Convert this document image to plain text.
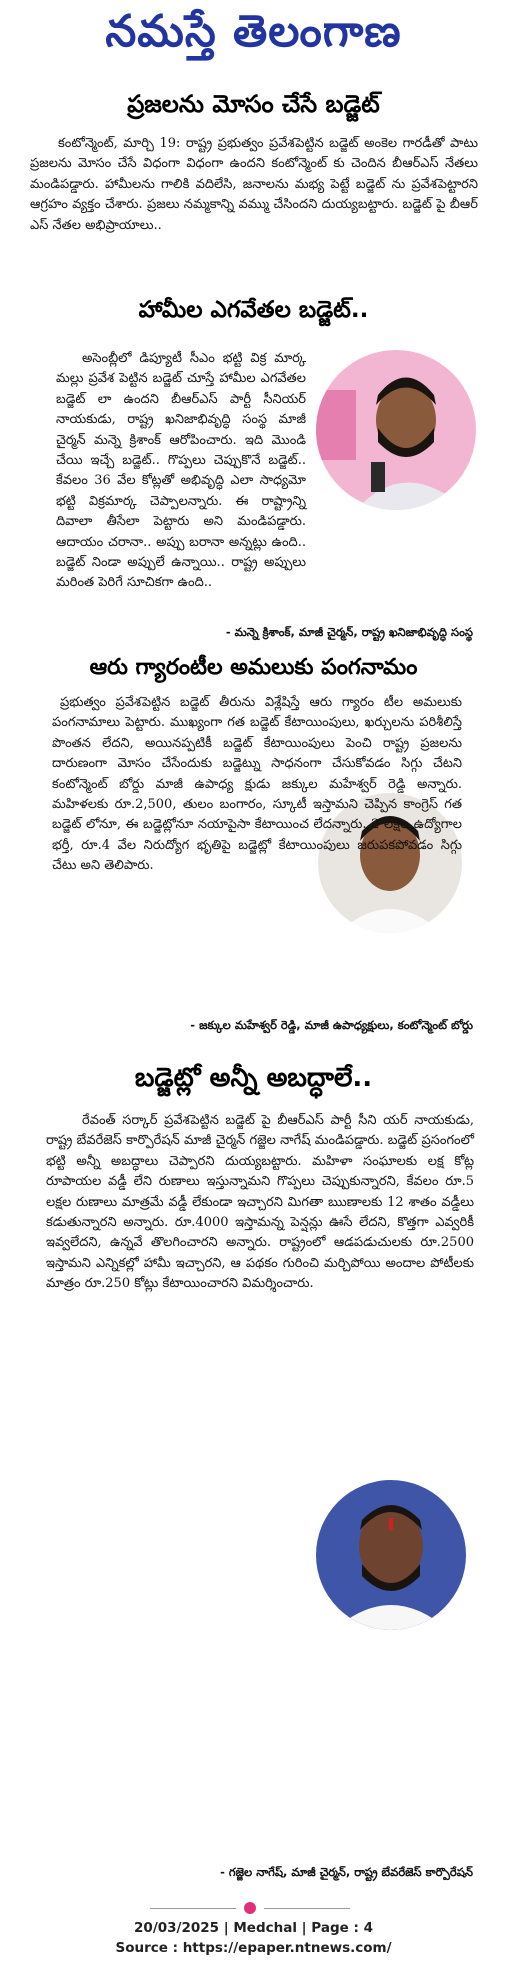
నమస్తే తెలంగాణ
ప్రజలను మోసం చేసే బడ్జెట్

కంటోన్మెంట్, మార్చి 19: రాష్ట్ర ప్రభుత్వం ప్రవేశపెట్టిన బడ్జెట్ అంకెల గారడీతో పాటు ప్రజలను మోసం చేసే విధంగా విధంగా ఉందని కంటోన్మెంట్ కు చెందిన బీఆర్ఎస్ నేతలు మండిపడ్డారు. హామీలను గాలికి వదిలేసి, జనాలను మభ్య పెట్టే బడ్జెట్ ను ప్రవేశపెట్టారని ఆగ్రహం వ్యక్తం చేశారు. ప్రజలు నమ్మకాన్ని వమ్ము చేసిందని దుయ్యబట్టారు. బడ్జెట్ పై బీఆర్ ఎస్ నేతల అభిప్రాయాలు..

హామీల ఎగవేతల బడ్జెట్..

అసెంబ్లీలో డిప్యూటీ సీఎం భట్టి విక్ర మార్క మల్లు ప్రవేశ పెట్టిన బడ్జెట్ చూస్తే హామీల ఎగవేతల బడ్జెట్ లా ఉందని బీఆర్ఎస్ పార్టీ సీనియర్ నాయకుడు, రాష్ట్ర ఖనిజాభివృద్ధి సంస్థ మాజీ చైర్మన్ మన్నె క్రిశాంక్ ఆరోపించారు. ఇది మొండి చేయి ఇచ్చే బడ్జెట్.. గొప్పలు చెప్పుకొనే బడ్జెట్.. కేవలం 36 వేల కోట్లతో అభివృద్ధి ఎలా సాధ్యమో భట్టి విక్రమార్క చెప్పాలన్నారు. ఈ రాష్ట్రాన్ని దివాలా తీసేలా పెట్టారు అని మండిపడ్డారు. ఆదాయం చరానా.. అప్పు బరానా అన్నట్లు ఉంది.. బడ్జెట్ నిండా అప్పులే ఉన్నాయి.. రాష్ట్ర అప్పులు మరింత పెరిగే సూచికగా ఉంది..

- మన్నె క్రిశాంక్, మాజీ చైర్మన్, రాష్ట్ర ఖనిజాభివృద్ధి సంస్థ
ఆరు గ్యారంటీల అమలుకు పంగనామం

ప్రభుత్వం ప్రవేశపెట్టిన బడ్జెట్ తీరును విశ్లేషిస్తే ఆరు గ్యారం టీల అమలుకు పంగనామాలు పెట్టారు. ముఖ్యంగా గత బడ్జెట్ కేటాయింపులు, ఖర్చులను పరిశీలిస్తే పొంతన లేదని, అయినప్పటికీ బడ్జెట్ కేటాయింపులు పెంచి రాష్ట్ర ప్రజలను దారుణంగా మోసం చేసేందుకు బడ్జెట్ను సాధనంగా చేసుకోవడం సిగ్గు చేటని కంటోన్మెంట్ బోర్డు మాజీ ఉపాధ్య క్షుడు జక్కుల మహేశ్వర్ రెడ్డి అన్నారు. మహిళలకు రూ.2,500, తులం బంగారం, స్కూటీ ఇస్తామని చెప్పిన కాంగ్రెస్ గత బడ్జెట్ లోనూ, ఈ బడ్జెట్లోనూ నయాపైసా కేటాయించ లేదన్నారు. 2 లక్షల ఉద్యోగాల భర్తీ, రూ.4 వేల నిరుద్యోగ భృతిపై బడ్జెట్లో కేటాయింపులు జరుపకపోవడం సిగ్గు చేటు అని తెలిపారు.

- జక్కుల మహేశ్వర్ రెడ్డి, మాజీ ఉపాధ్యక్షులు, కంటోన్మెంట్ బోర్డు
బడ్జెట్లో అన్నీ అబద్ధాలే..

రేవంత్ సర్కార్ ప్రవేశపెట్టిన బడ్జెట్ పై బీఆర్ఎస్ పార్టీ సీని యర్ నాయకుడు, రాష్ట్ర బేవరేజెస్ కార్పొరేషన్ మాజీ చైర్మన్ గజ్జెల నాగేష్ మండిపడ్డారు. బడ్జెట్ ప్రసంగంలో భట్టి అన్నీ అబద్ధాలు చెప్పారని దుయ్యబట్టారు. మహిళా సంఘాలకు లక్ష కోట్ల రూపాయల వడ్డీ లేని రుణాలు ఇస్తున్నామని గొప్పలు చెప్పుకున్నారని, కేవలం రూ.5 లక్షల రుణాలు మాత్రమే వడ్డీ లేకుండా ఇచ్చారని మిగతా ఋణాలకు 12 శాతం వడ్డీలు కడుతున్నారని అన్నారు. రూ.4000 ఇస్తామన్న పెన్షన్లు ఊసే లేదని, కొత్తగా ఎవ్వరికీ ఇవ్వలేదని, ఉన్నవే తొలగించారని అన్నారు. రాష్ట్రంలో ఆడపడుచులకు రూ.2500 ఇస్తామని ఎన్నికల్లో హామీ ఇచ్చారని, ఆ పథకం గురించి మర్చిపోయి అందాల పోటీలకు మాత్రం రూ.250 కోట్లు కేటాయించారని విమర్శించారు.

- గజ్జెల నాగేష్, మాజీ చైర్మన్, రాష్ట్ర బేవరేజెస్ కార్పొరేషన్
20/03/2025 | Medchal | Page : 4
Source : https://epaper.ntnews.com/
